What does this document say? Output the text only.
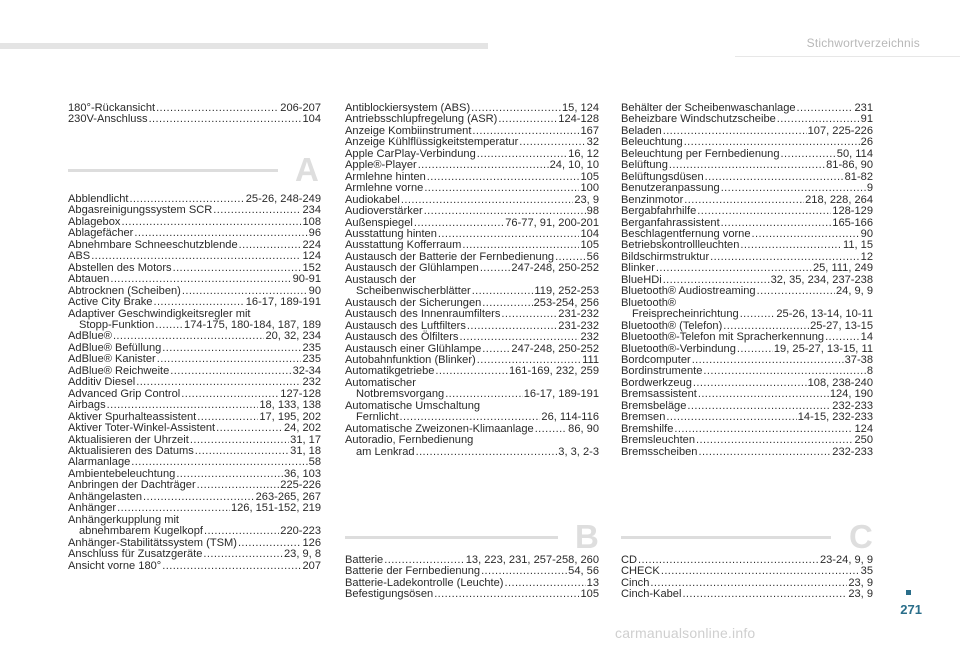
Stichwortverzeichnis
180°-Rückansicht .....	206-207
230V-Anschluss .....	104
A
Abblendlicht .....	25-26, 248-249
Abgasreinigungssystem SCR .....	234
Ablagebox .....	108
Ablagefächer .....	96
Abnehmbare Schneeschutzblende .....	224
ABS .....	124
Abstellen des Motors .....	152
Abtauen .....	90-91
Abtrocknen (Scheiben) .....	90
Active City Brake .....	16-17, 189-191
Adaptiver Geschwindigkeitsregler mit
Stopp-Funktion .....	174-175, 180-184, 187, 189
AdBlue® .....	20, 32, 234
AdBlue® Befüllung .....	235
AdBlue® Kanister .....	235
AdBlue® Reichweite .....	32-34
Additiv Diesel .....	232
Advanced Grip Control .....	127-128
Airbags .....	18, 133, 138
Aktiver Spurhalteassistent .....	17, 195, 202
Aktiver Toter-Winkel-Assistent .....	24, 202
Aktualisieren der Uhrzeit .....	31, 17
Aktualisieren des Datums .....	31, 18
Alarmanlage .....	58
Ambientebeleuchtung .....	36, 103
Anbringen der Dachträger .....	225-226
Anhängelasten .....	263-265, 267
Anhänger .....	126, 151-152, 219
Anhängerkupplung mit
abnehmbarem Kugelkopf .....	220-223
Anhänger-Stabilitätssystem (TSM) .....	126
Anschluss für Zusatzgeräte .....	23, 9, 8
Ansicht vorne 180° .....	207
Antiblockiersystem (ABS) .....	15, 124
Antriebsschlupfregelung (ASR) .....	124-128
Anzeige Kombiinstrument .....	167
Anzeige Kühlflüssigkeitstemperatur .....	32
Apple CarPlay-Verbindung .....	16, 12
Apple®-Player .....	24, 10, 10
Armlehne hinten .....	105
Armlehne vorne .....	100
Audiokabel .....	23, 9
Audioverstärker .....	98
Außenspiegel .....	76-77, 91, 200-201
Ausstattung hinten .....	104
Ausstattung Kofferraum .....	105
Austausch der Batterie der Fernbedienung .....	56
Austausch der Glühlampen .....	247-248, 250-252
Austausch der
Scheibenwischerblätter .....	119, 252-253
Austausch der Sicherungen .....	253-254, 256
Austausch des Innenraumfilters .....	231-232
Austausch des Luftfilters .....	231-232
Austausch des Ölfilters .....	232
Austausch einer Glühlampe .....	247-248, 250-252
Autobahnfunktion (Blinker) .....	111
Automatikgetriebe .....	161-169, 232, 259
Automatischer
Notbremsvorgang .....	16-17, 189-191
Automatische Umschaltung
Fernlicht .....	26, 114-116
Automatische Zweizonen-Klimaanlage .....	86, 90
Autoradio, Fernbedienung
am Lenkrad .....	3, 3, 2-3
B
Batterie .....	13, 223, 231, 257-258, 260
Batterie der Fernbedienung .....	54, 56
Batterie-Ladekontrolle (Leuchte) .....	13
Befestigungsösen .....	105
Behälter der Scheibenwaschanlage .....	231
Beheizbare Windschutzscheibe .....	91
Beladen .....	107, 225-226
Beleuchtung .....	26
Beleuchtung per Fernbedienung .....	50, 114
Belüftung .....	81-86, 90
Belüftungsdüsen .....	81-82
Benutzeranpassung .....	9
Benzinmotor .....	218, 228, 264
Bergabfahrhilfe .....	128-129
Berganfahrassistent .....	165-166
Beschlagentfernung vorne .....	90
Betriebskontrollleuchten .....	11, 15
Bildschirmstruktur .....	12
Blinker .....	25, 111, 249
BlueHDi .....	32, 35, 234, 237-238
Bluetooth® Audiostreaming .....	24, 9, 9
Bluetooth®
Freisprecheinrichtung .....	25-26, 13-14, 10-11
Bluetooth® (Telefon) .....	25-27, 13-15
Bluetooth®-Telefon mit Spracherkennung .....	14
Bluetooth®-Verbindung .....	19, 25-27, 13-15, 11
Bordcomputer .....	37-38
Bordinstrumente .....	8
Bordwerkzeug .....	108, 238-240
Bremsassistent .....	124, 190
Bremsbeläge .....	232-233
Bremsen .....	14-15, 232-233
Bremshilfe .....	124
Bremsleuchten .....	250
Bremsscheiben .....	232-233
C
CD .....	23-24, 9, 9
CHECK .....	35
Cinch .....	23, 9
Cinch-Kabel .....	23, 9
271
carmanualsonline.info
